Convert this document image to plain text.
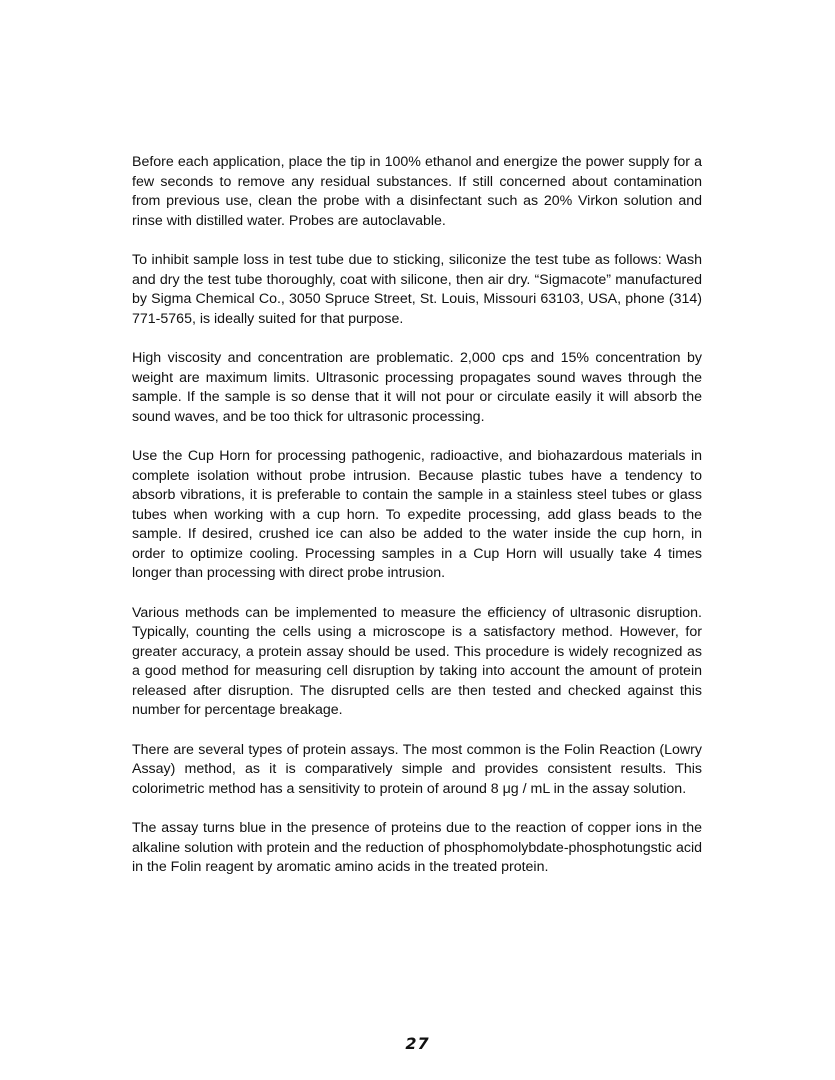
Before each application, place the tip in 100% ethanol and energize the power supply for a few seconds to remove any residual substances. If still concerned about contamination from previous use, clean the probe with a disinfectant such as 20% Virkon solution and rinse with distilled water. Probes are autoclavable.

To inhibit sample loss in test tube due to sticking, siliconize the test tube as follows: Wash and dry the test tube thoroughly, coat with silicone, then air dry. “Sigmacote” manufactured by Sigma Chemical Co., 3050 Spruce Street, St. Louis, Missouri 63103, USA, phone (314) 771-5765, is ideally suited for that purpose.

High viscosity and concentration are problematic. 2,000 cps and 15% concentration by weight are maximum limits. Ultrasonic processing propagates sound waves through the sample. If the sample is so dense that it will not pour or circulate easily it will absorb the sound waves, and be too thick for ultrasonic processing.

Use the Cup Horn for processing pathogenic, radioactive, and biohazardous materials in complete isolation without probe intrusion. Because plastic tubes have a tendency to absorb vibrations, it is preferable to contain the sample in a stainless steel tubes or glass tubes when working with a cup horn. To expedite processing, add glass beads to the sample. If desired, crushed ice can also be added to the water inside the cup horn, in order to optimize cooling. Processing samples in a Cup Horn will usually take 4 times longer than processing with direct probe intrusion.

Various methods can be implemented to measure the efficiency of ultrasonic disruption. Typically, counting the cells using a microscope is a satisfactory method. However, for greater accuracy, a protein assay should be used. This procedure is widely recognized as a good method for measuring cell disruption by taking into account the amount of protein released after disruption. The disrupted cells are then tested and checked against this number for percentage breakage.

There are several types of protein assays. The most common is the Folin Reaction (Lowry Assay) method, as it is comparatively simple and provides consistent results. This colorimetric method has a sensitivity to protein of around 8 μg / mL in the assay solution.

The assay turns blue in the presence of proteins due to the reaction of copper ions in the alkaline solution with protein and the reduction of phosphomolybdate-phosphotungstic acid in the Folin reagent by aromatic amino acids in the treated protein.

27
